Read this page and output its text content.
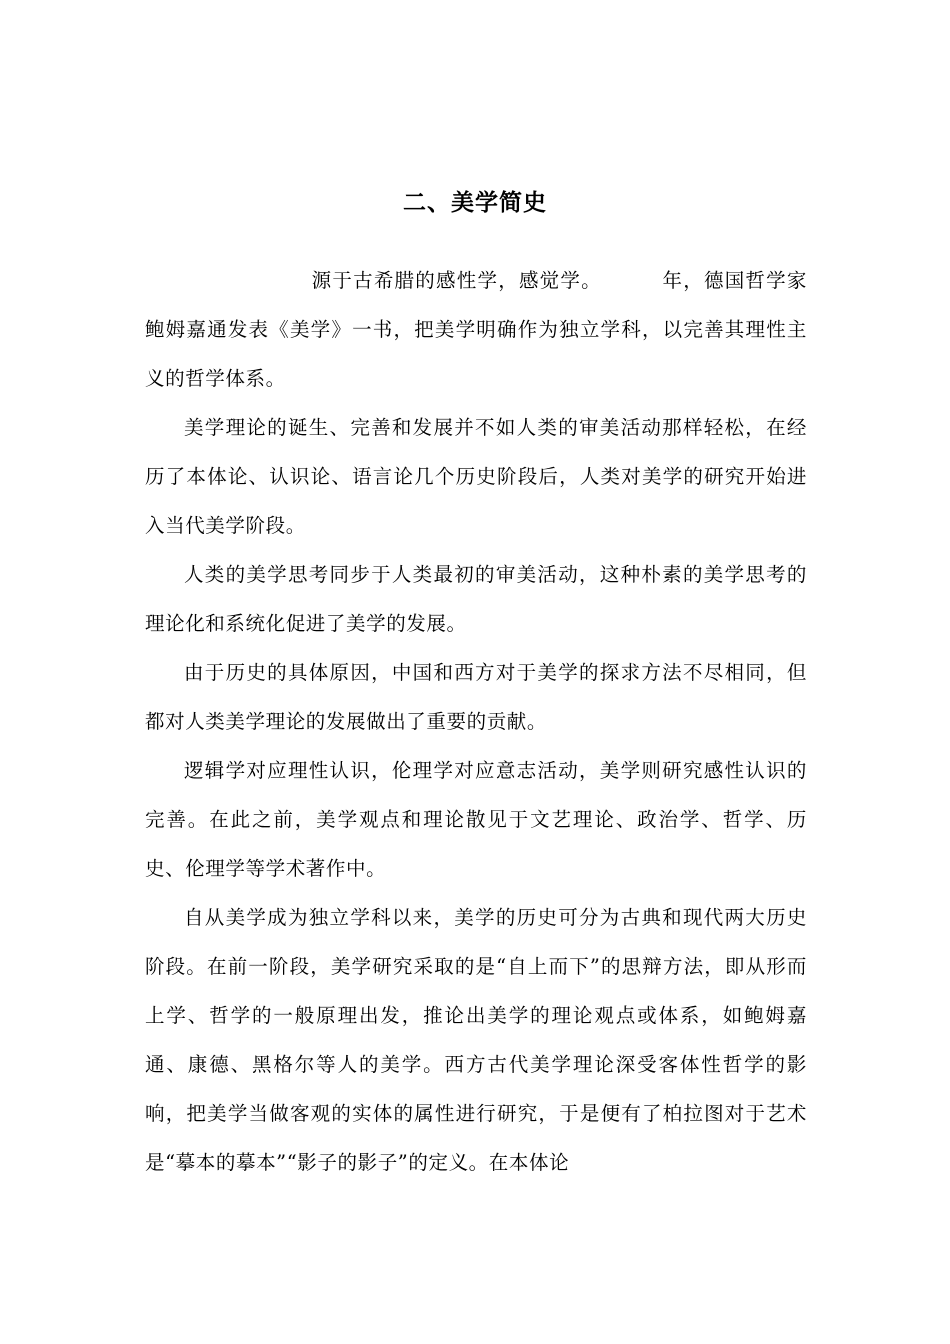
二、美学简史

源于古希腊的感性学，感觉学。	年，德国哲学家鲍姆嘉通发表《美学》一书，把美学明确作为独立学科，以完善其理性主义的哲学体系。

美学理论的诞生、完善和发展并不如人类的审美活动那样轻松，在经历了本体论、认识论、语言论几个历史阶段后，人类对美学的研究开始进入当代美学阶段。

人类的美学思考同步于人类最初的审美活动，这种朴素的美学思考的理论化和系统化促进了美学的发展。

由于历史的具体原因，中国和西方对于美学的探求方法不尽相同，但都对人类美学理论的发展做出了重要的贡献。

逻辑学对应理性认识，伦理学对应意志活动，美学则研究感性认识的完善。在此之前，美学观点和理论散见于文艺理论、政治学、哲学、历史、伦理学等学术著作中。

自从美学成为独立学科以来，美学的历史可分为古典和现代两大历史阶段。在前一阶段，美学研究采取的是“自上而下”的思辩方法，即从形而上学、哲学的一般原理出发，推论出美学的理论观点或体系，如鲍姆嘉通、康德、黑格尔等人的美学。西方古代美学理论深受客体性哲学的影响，把美学当做客观的实体的属性进行研究，于是便有了柏拉图对于艺术是“摹本的摹本”“影子的影子”的定义。在本体论
